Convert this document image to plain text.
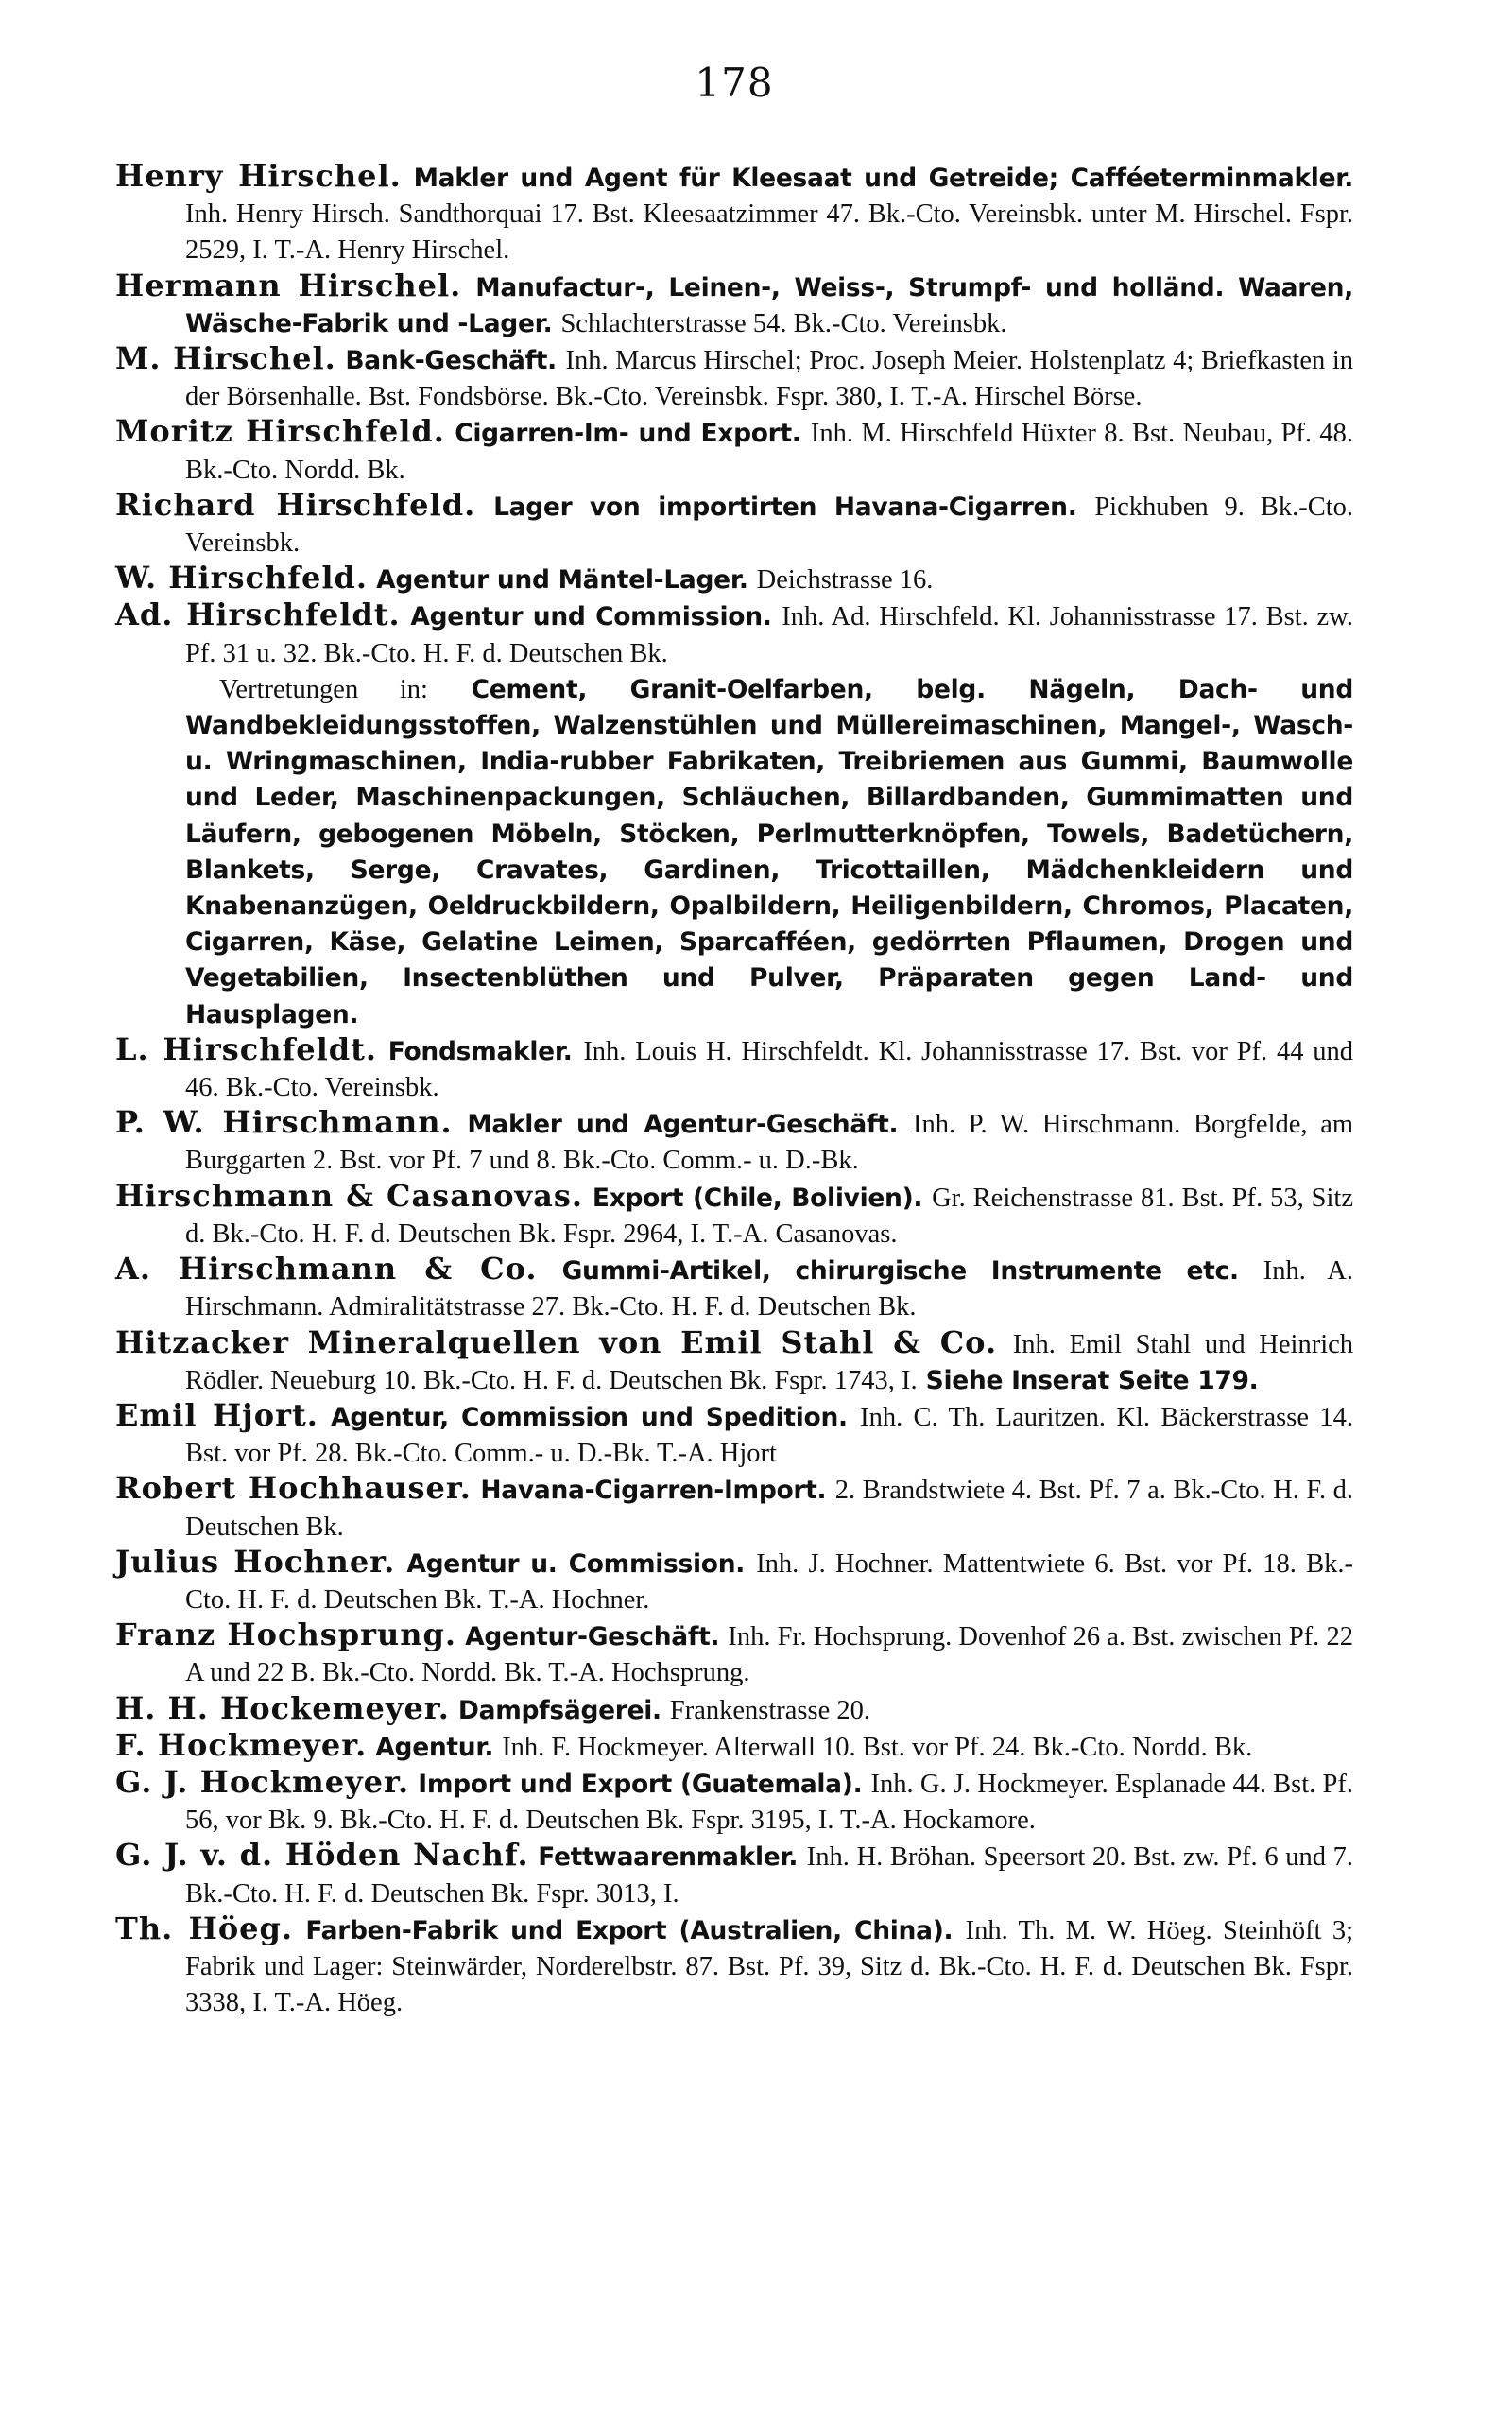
178

Henry Hirschel. Makler und Agent für Kleesaat und Getreide; Cafféeterminmakler. Inh. Henry Hirsch. Sandthorquai 17. Bst. Kleesaatzimmer 47. Bk.-Cto. Vereinsbk. unter M. Hirschel. Fspr. 2529, I. T.-A. Henry Hirschel.

Hermann Hirschel. Manufactur-, Leinen-, Weiss-, Strumpf- und holländ. Waaren, Wäsche-Fabrik und -Lager. Schlachterstrasse 54. Bk.-Cto. Vereinsbk.

M. Hirschel. Bank-Geschäft. Inh. Marcus Hirschel; Proc. Joseph Meier. Holstenplatz 4; Briefkasten in der Börsenhalle. Bst. Fondsbörse. Bk.-Cto. Vereinsbk. Fspr. 380, I. T.-A. Hirschel Börse.

Moritz Hirschfeld. Cigarren-Im- und Export. Inh. M. Hirschfeld Hüxter 8. Bst. Neubau, Pf. 48. Bk.-Cto. Nordd. Bk.

Richard Hirschfeld. Lager von importirten Havana-Cigarren. Pickhuben 9. Bk.-Cto. Vereinsbk.

W. Hirschfeld. Agentur und Mäntel-Lager. Deichstrasse 16.

Ad. Hirschfeldt. Agentur und Commission. Inh. Ad. Hirschfeld. Kl. Johannisstrasse 17. Bst. zw. Pf. 31 u. 32. Bk.-Cto. H. F. d. Deutschen Bk.

Vertretungen in: Cement, Granit-Oelfarben, belg. Nägeln, Dach- und Wandbekleidungsstoffen, Walzenstühlen und Müllereimaschinen, Mangel-, Wasch- u. Wringmaschinen, India-rubber Fabrikaten, Treibriemen aus Gummi, Baumwolle und Leder, Maschinenpackungen, Schläuchen, Billardbanden, Gummimatten und Läufern, gebogenen Möbeln, Stöcken, Perlmutterknöpfen, Towels, Badetüchern, Blankets, Serge, Cravates, Gardinen, Tricottaillen, Mädchenkleidern und Knabenanzügen, Oeldruckbildern, Opalbildern, Heiligenbildern, Chromos, Placaten, Cigarren, Käse, Gelatine Leimen, Sparcafféen, gedörrten Pflaumen, Drogen und Vegetabilien, Insectenblüthen und Pulver, Präparaten gegen Land- und Hausplagen.

L. Hirschfeldt. Fondsmakler. Inh. Louis H. Hirschfeldt. Kl. Johannisstrasse 17. Bst. vor Pf. 44 und 46. Bk.-Cto. Vereinsbk.

P. W. Hirschmann. Makler und Agentur-Geschäft. Inh. P. W. Hirschmann. Borgfelde, am Burggarten 2. Bst. vor Pf. 7 und 8. Bk.-Cto. Comm.- u. D.-Bk.

Hirschmann & Casanovas. Export (Chile, Bolivien). Gr. Reichenstrasse 81. Bst. Pf. 53, Sitz d. Bk.-Cto. H. F. d. Deutschen Bk. Fspr. 2964, I. T.-A. Casanovas.

A. Hirschmann & Co. Gummi-Artikel, chirurgische Instrumente etc. Inh. A. Hirschmann. Admiralitätstrasse 27. Bk.-Cto. H. F. d. Deutschen Bk.

Hitzacker Mineralquellen von Emil Stahl & Co. Inh. Emil Stahl und Heinrich Rödler. Neueburg 10. Bk.-Cto. H. F. d. Deutschen Bk. Fspr. 1743, I. Siehe Inserat Seite 179.

Emil Hjort. Agentur, Commission und Spedition. Inh. C. Th. Lauritzen. Kl. Bäckerstrasse 14. Bst. vor Pf. 28. Bk.-Cto. Comm.- u. D.-Bk. T.-A. Hjort

Robert Hochhauser. Havana-Cigarren-Import. 2. Brandstwiete 4. Bst. Pf. 7 a. Bk.-Cto. H. F. d. Deutschen Bk.

Julius Hochner. Agentur u. Commission. Inh. J. Hochner. Mattentwiete 6. Bst. vor Pf. 18. Bk.-Cto. H. F. d. Deutschen Bk. T.-A. Hochner.

Franz Hochsprung. Agentur-Geschäft. Inh. Fr. Hochsprung. Dovenhof 26 a. Bst. zwischen Pf. 22 A und 22 B. Bk.-Cto. Nordd. Bk. T.-A. Hochsprung.

H. H. Hockemeyer. Dampfsägerei. Frankenstrasse 20.

F. Hockmeyer. Agentur. Inh. F. Hockmeyer. Alterwall 10. Bst. vor Pf. 24. Bk.-Cto. Nordd. Bk.

G. J. Hockmeyer. Import und Export (Guatemala). Inh. G. J. Hockmeyer. Esplanade 44. Bst. Pf. 56, vor Bk. 9. Bk.-Cto. H. F. d. Deutschen Bk. Fspr. 3195, I. T.-A. Hockamore.

G. J. v. d. Höden Nachf. Fettwaarenmakler. Inh. H. Bröhan. Speersort 20. Bst. zw. Pf. 6 und 7. Bk.-Cto. H. F. d. Deutschen Bk. Fspr. 3013, I.

Th. Höeg. Farben-Fabrik und Export (Australien, China). Inh. Th. M. W. Höeg. Steinhöft 3; Fabrik und Lager: Steinwärder, Norderelbstr. 87. Bst. Pf. 39, Sitz d. Bk.-Cto. H. F. d. Deutschen Bk. Fspr. 3338, I. T.-A. Höeg.
